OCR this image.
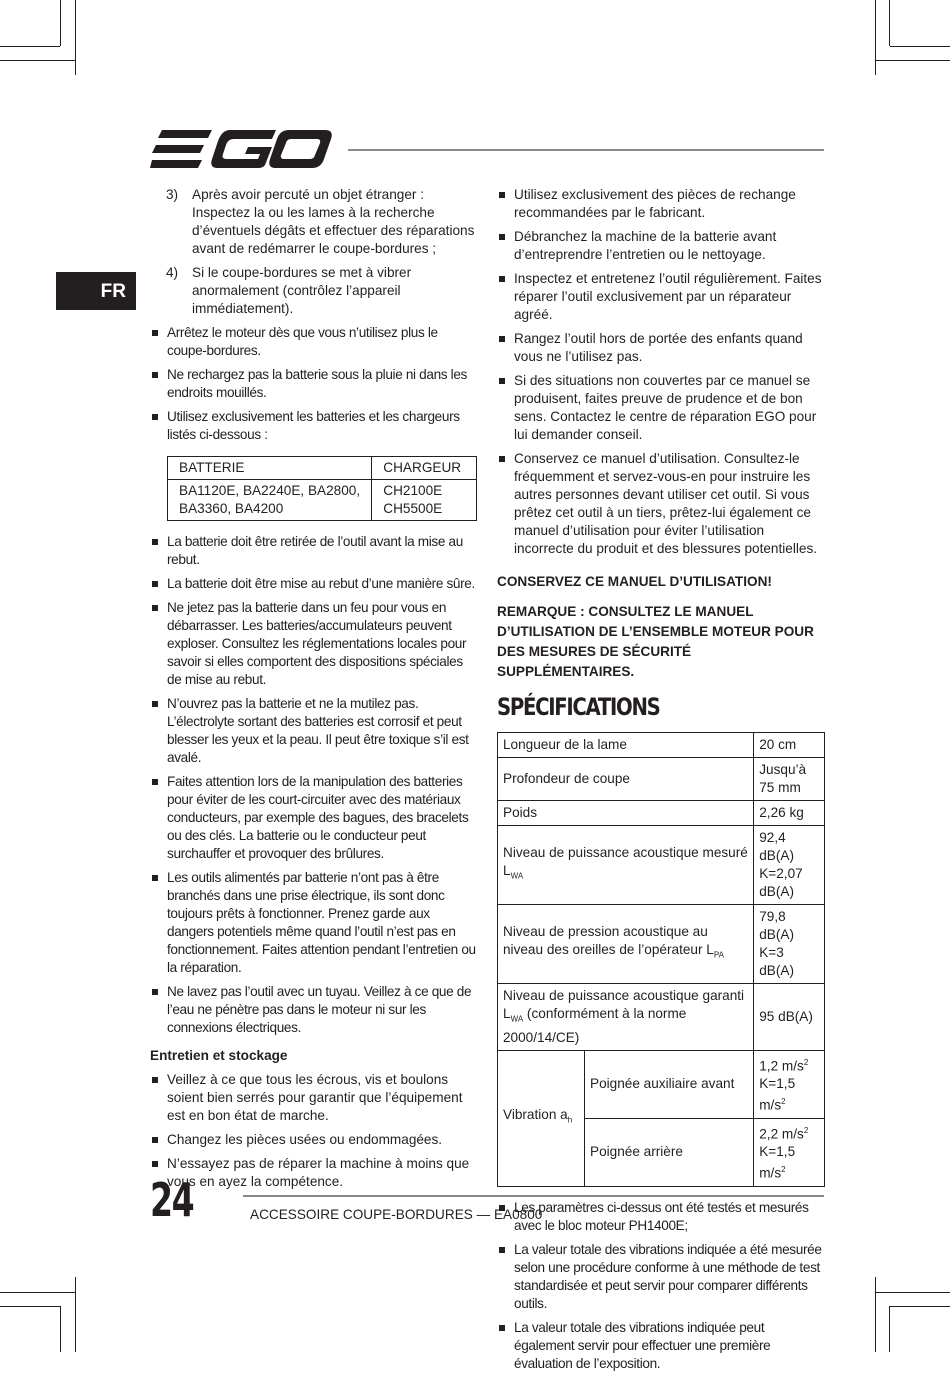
FR
3) Après avoir percuté un objet étranger : Inspectez la ou les lames à la recherche d’éventuels dégâts et effectuer des réparations avant de redémarrer le coupe-bordures ;
4) Si le coupe-bordures se met à vibrer anormalement (contrôlez l’appareil immédiatement).
Arrêtez le moteur dès que vous n’utilisez plus le coupe-bordures.
Ne rechargez pas la batterie sous la pluie ni dans les endroits mouillés.
Utilisez exclusivement les batteries et les chargeurs listés ci-dessous :
BATTERIE	CHARGEUR
BA1120E, BA2240E, BA2800, BA3360, BA4200	CH2100E CH5500E
La batterie doit être retirée de l’outil avant la mise au rebut.
La batterie doit être mise au rebut d’une manière sûre.
Ne jetez pas la batterie dans un feu pour vous en débarrasser. Les batteries/accumulateurs peuvent exploser. Consultez les réglementations locales pour savoir si elles comportent des dispositions spéciales de mise au rebut.
N’ouvrez pas la batterie et ne la mutilez pas. L’électrolyte sortant des batteries est corrosif et peut blesser les yeux et la peau. Il peut être toxique s’il est avalé.
Faites attention lors de la manipulation des batteries pour éviter de les court-circuiter avec des matériaux conducteurs, par exemple des bagues, des bracelets ou des clés. La batterie ou le conducteur peut surchauffer et provoquer des brûlures.
Les outils alimentés par batterie n’ont pas à être branchés dans une prise électrique, ils sont donc toujours prêts à fonctionner. Prenez garde aux dangers potentiels même quand l’outil n’est pas en fonctionnement. Faites attention pendant l’entretien ou la réparation.
Ne lavez pas l’outil avec un tuyau. Veillez à ce que de l’eau ne pénètre pas dans le moteur ni sur les connexions électriques.
Entretien et stockage
Veillez à ce que tous les écrous, vis et boulons soient bien serrés pour garantir que l’équipement est en bon état de marche.
Changez les pièces usées ou endommagées.
N’essayez pas de réparer la machine à moins que vous en ayez la compétence.
Utilisez exclusivement des pièces de rechange recommandées par le fabricant.
Débranchez la machine de la batterie avant d’entreprendre l’entretien ou le nettoyage.
Inspectez et entretenez l’outil régulièrement. Faites réparer l’outil exclusivement par un réparateur agréé.
Rangez l’outil hors de portée des enfants quand vous ne l’utilisez pas.
Si des situations non couvertes par ce manuel se produisent, faites preuve de prudence et de bon sens. Contactez le centre de réparation EGO pour lui demander conseil.
Conservez ce manuel d’utilisation. Consultez-le fréquemment et servez-vous-en pour instruire les autres personnes devant utiliser cet outil. Si vous prêtez cet outil à un tiers, prêtez-lui également ce manuel d’utilisation pour éviter l’utilisation incorrecte du produit et des blessures potentielles.
CONSERVEZ CE MANUEL D’UTILISATION!
REMARQUE : CONSULTEZ LE MANUEL D’UTILISATION DE L’ENSEMBLE MOTEUR POUR DES MESURES DE SÉCURITÉ SUPPLÉMENTAIRES.
SPÉCIFICATIONS
Longueur de la lame		20 cm
Profondeur de coupe		Jusqu’à 75 mm
Poids		2,26 kg
Niveau de puissance acoustique mesuré $L_{WA}$		92,4 dB(A)
K=2,07 dB(A)
Niveau de pression acoustique au niveau des oreilles de l’opérateur $L_{PA}$		79,8 dB(A)
K=3 dB(A)
Niveau de puissance acoustique garanti $L_{WA}$ (conformément à la norme 2000/14/CE)		95 dB(A)
Vibration $a_h$	Poignée auxiliaire avant	1,2 $m/s^2$
K=1,5 $m/s^2$
	Poignée arrière	2,2 $m/s^2$
K=1,5 $m/s^2$
Les paramètres ci-dessus ont été testés et mesurés avec le bloc moteur PH1400E;
La valeur totale des vibrations indiquée a été mesurée selon une procédure conforme à une méthode de test standardisée et peut servir pour comparer différents outils.
La valeur totale des vibrations indiquée peut également servir pour effectuer une première évaluation de l’exposition.
24	ACCESSOIRE COUPE-BORDURES — EA0800
